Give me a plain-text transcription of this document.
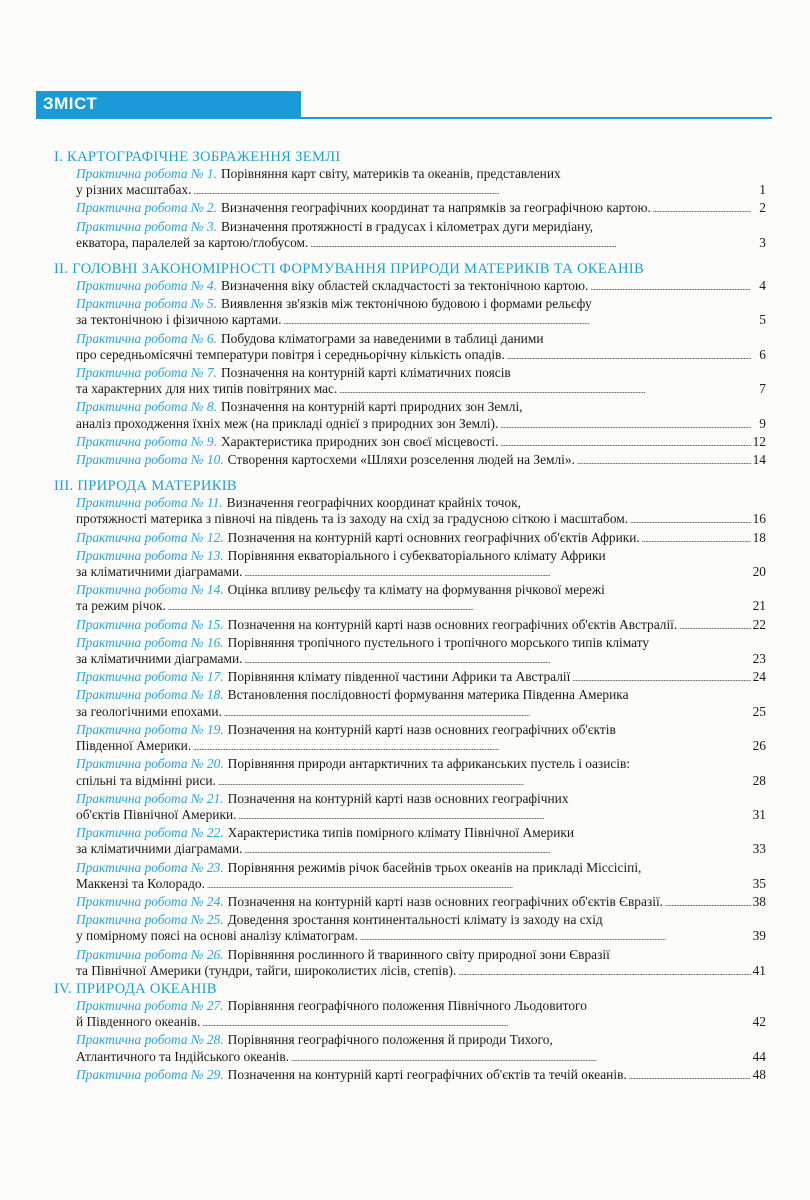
ЗМІСТ
І. КАРТОГРАФІЧНЕ ЗОБРАЖЕННЯ ЗЕМЛІ
Практична робота № 1. Порівняння карт світу, материків та океанів, представлених
у різних масштабах. . . .	1
Практична робота № 2. Визначення географічних координат та напрямків за географічною картою. . . .	2
Практична робота № 3. Визначення протяжності в градусах і кілометрах дуги меридіану,
екватора, паралелей за картою/глобусом. . . .	3
ІІ. ГОЛОВНІ ЗАКОНОМІРНОСТІ ФОРМУВАННЯ ПРИРОДИ МАТЕРИКІВ ТА ОКЕАНІВ
Практична робота № 4. Визначення віку областей складчастості за тектонічною картою. . . .	4
Практична робота № 5. Виявлення зв'язків між тектонічною будовою і формами рельєфу
за тектонічною і фізичною картами. . . .	5
Практична робота № 6. Побудова кліматограми за наведеними в таблиці даними
про середньомісячні температури повітря і середньорічну кількість опадів. . . .	6
Практична робота № 7. Позначення на контурній карті кліматичних поясів
та характерних для них типів повітряних мас. . . .	7
Практична робота № 8. Позначення на контурній карті природних зон Землі,
аналіз проходження їхніх меж (на прикладі однієї з природних зон Землі). . . .	9
Практична робота № 9. Характеристика природних зон своєї місцевості. . . .	12
Практична робота № 10. Створення картосхеми «Шляхи розселення людей на Землі». . . .	14
ІІІ. ПРИРОДА МАТЕРИКІВ
Практична робота № 11. Визначення географічних координат крайніх точок,
протяжності материка з півночі на південь та із заходу на схід за градусною сіткою і масштабом. . . .	16
Практична робота № 12. Позначення на контурній карті основних географічних об'єктів Африки. . . .	18
Практична робота № 13. Порівняння екваторіального і субекваторіального клімату Африки
за кліматичними діаграмами. . . .	20
Практична робота № 14. Оцінка впливу рельєфу та клімату на формування річкової мережі
та режим річок. . . .	21
Практична робота № 15. Позначення на контурній карті назв основних географічних об'єктів Австралії. . . .	22
Практична робота № 16. Порівняння тропічного пустельного і тропічного морського типів клімату
за кліматичними діаграмами. . . .	23
Практична робота № 17. Порівняння клімату південної частини Африки та Австралії . . .	24
Практична робота № 18. Встановлення послідовності формування материка Південна Америка
за геологічними епохами. . . .	25
Практична робота № 19. Позначення на контурній карті назв основних географічних об'єктів
Південної Америки. . . .	26
Практична робота № 20. Порівняння природи антарктичних та африканських пустель і оазисів:
спільні та відмінні риси. . . .	28
Практична робота № 21. Позначення на контурній карті назв основних географічних
об'єктів Північної Америки. . . .	31
Практична робота № 22. Характеристика типів помірного клімату Північної Америки
за кліматичними діаграмами. . . .	33
Практична робота № 23. Порівняння режимів річок басейнів трьох океанів на прикладі Міссісіпі,
Маккензі та Колорадо. . . .	35
Практична робота № 24. Позначення на контурній карті назв основних географічних об'єктів Євразії. . . .	38
Практична робота № 25. Доведення зростання континентальності клімату із заходу на схід
у помірному поясі на основі аналізу кліматограм. . . .	39
Практична робота № 26. Порівняння рослинного й тваринного світу природної зони Євразії
та Північної Америки (тундри, тайги, широколистих лісів, степів). . . .	41
IV. ПРИРОДА ОКЕАНІВ
Практична робота № 27. Порівняння географічного положення Північного Льодовитого
й Південного океанів. . . .	42
Практична робота № 28. Порівняння географічного положення й природи Тихого,
Атлантичного та Індійського океанів. . . .	44
Практична робота № 29. Позначення на контурній карті географічних об'єктів та течій океанів. . . .	48
